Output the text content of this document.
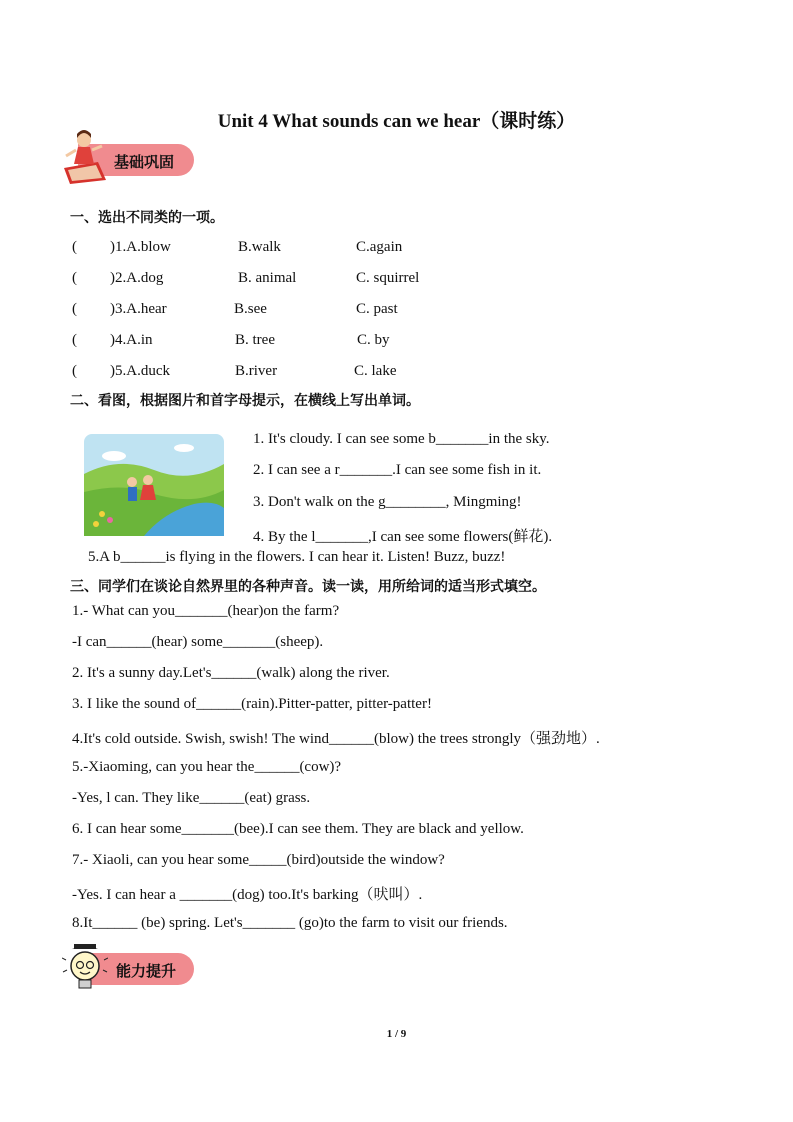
Unit 4 What sounds can we hear（课时练）
基础巩固
一、选出不同类的一项。
( )1.A.blow	B.walk	C.again
( )2.A.dog	B. animal	C. squirrel
( )3.A.hear	B.see	C. past
( )4.A.in	B. tree	C. by
( )5.A.duck	B.river	C. lake
二、看图，根据图片和首字母提示，在横线上写出单词。
1. It's cloudy. I can see some b_______in the sky.
2. I can see a r_______.I can see some fish in it.
3. Don't walk on the g________, Mingming!
4. By the l_______,I can see some flowers(鲜花).
5.A b______is flying in the flowers. I can hear it. Listen! Buzz, buzz!
三、同学们在谈论自然界里的各种声音。读一读，用所给词的适当形式填空。
1.- What can you_______(hear)on the farm?
-I can______(hear) some_______(sheep).
2. It's a sunny day.Let's______(walk) along the river.
3. I like the sound of______(rain).Pitter-patter, pitter-patter!
4.It's cold outside. Swish, swish! The wind______(blow) the trees strongly（强劲地）.
5.-Xiaoming, can you hear the______(cow)?
-Yes, l can. They like______(eat) grass.
6. I can hear some_______(bee).I can see them. They are black and yellow.
7.- Xiaoli, can you hear some_____(bird)outside the window?
-Yes. I can hear a _______(dog) too.It's barking（吠叫）.
8.It______ (be) spring. Let's_______ (go)to the farm to visit our friends.
能力提升
1 / 9
